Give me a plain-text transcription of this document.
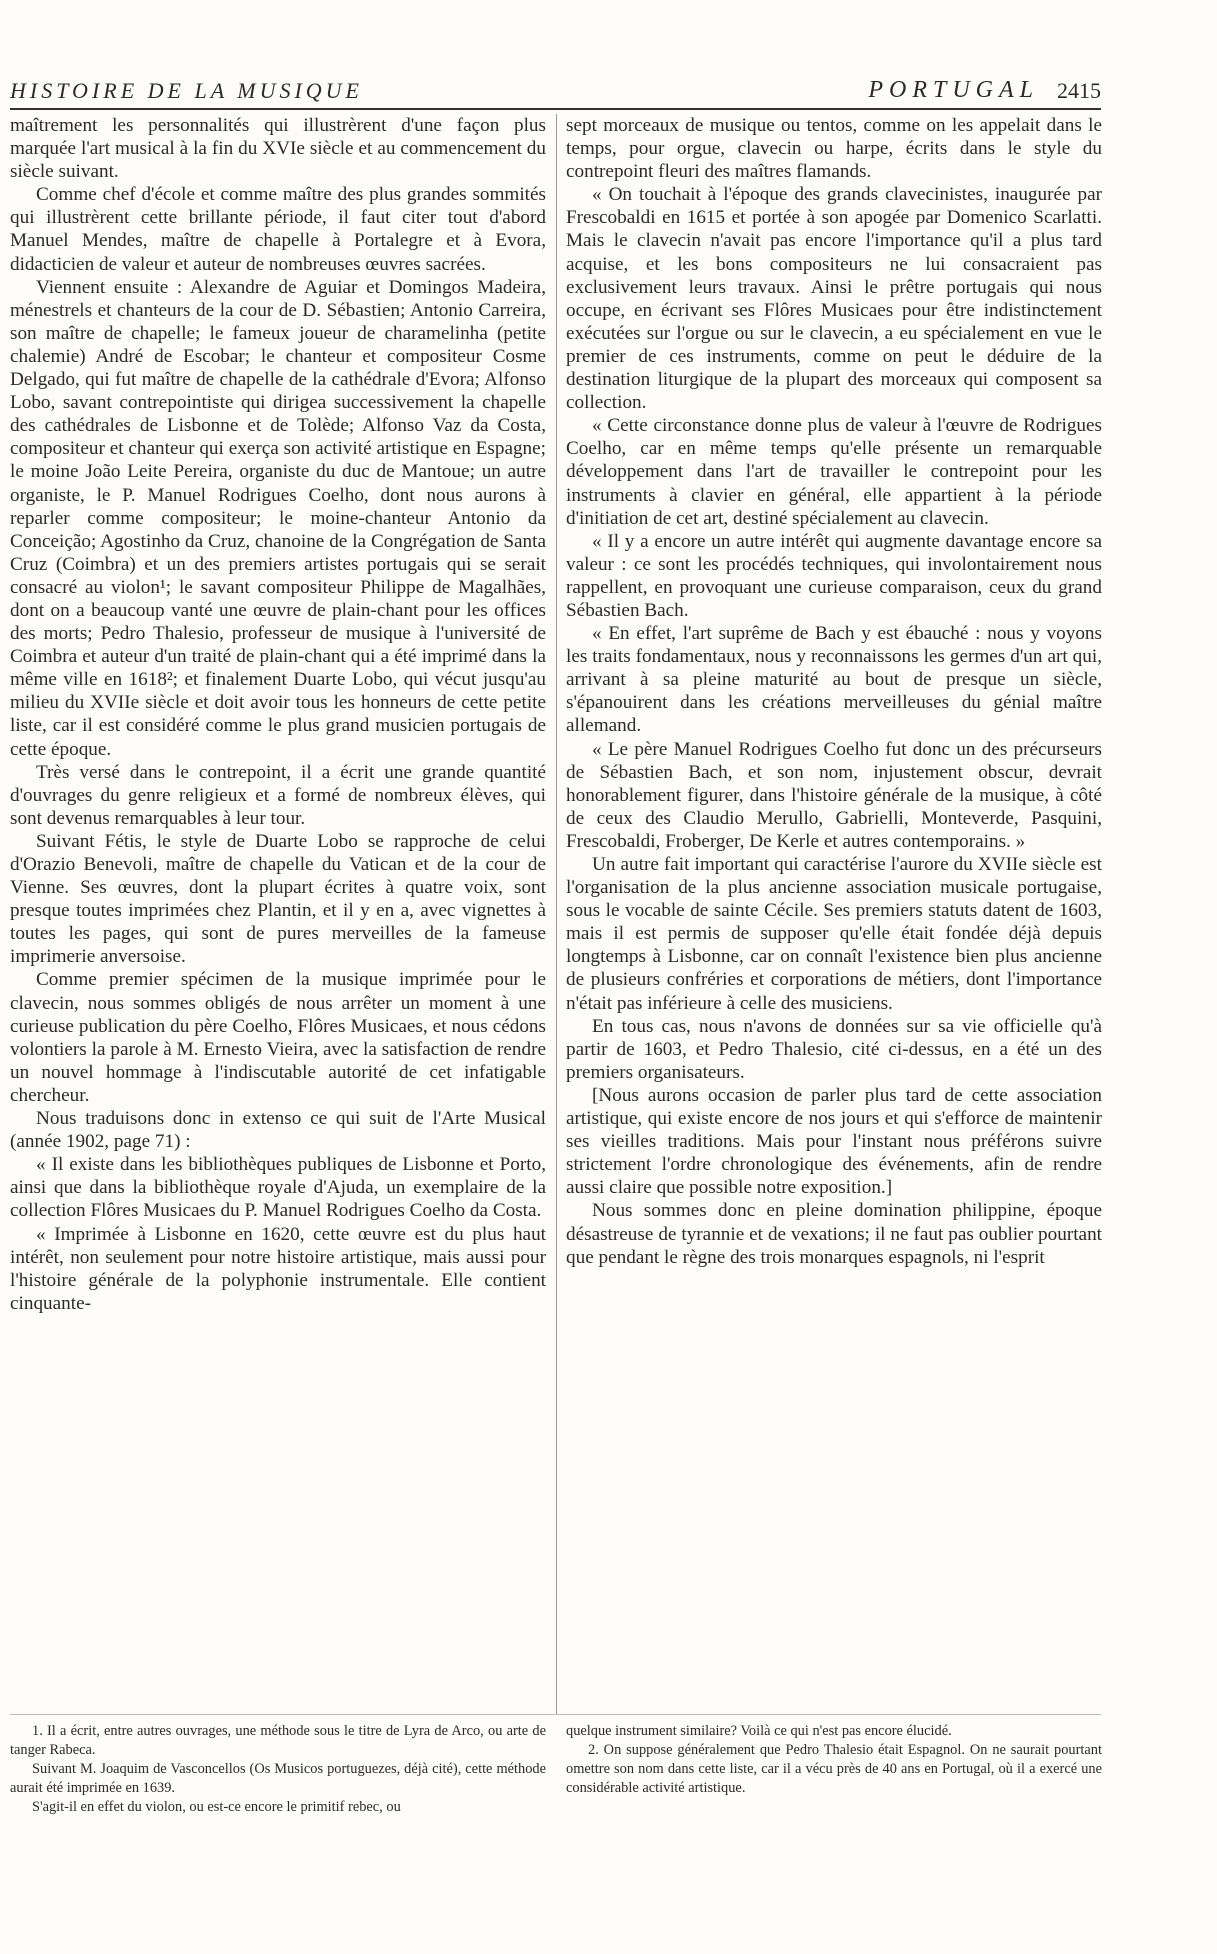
HISTOIRE DE LA MUSIQUE	PORTUGAL 2415

maîtrement les personnalités qui illustrèrent d'une façon plus marquée l'art musical à la fin du XVIe siècle et au commencement du siècle suivant.

Comme chef d'école et comme maître des plus grandes sommités qui illustrèrent cette brillante période, il faut citer tout d'abord Manuel Mendes, maître de chapelle à Portalegre et à Evora, didacticien de valeur et auteur de nombreuses œuvres sacrées.

Viennent ensuite : Alexandre de Aguiar et Domingos Madeira, ménestrels et chanteurs de la cour de D. Sébastien; Antonio Carreira, son maître de chapelle; le fameux joueur de charamelinha (petite chalemie) André de Escobar; le chanteur et compositeur Cosme Delgado, qui fut maître de chapelle de la cathédrale d'Evora; Alfonso Lobo, savant contrepointiste qui dirigea successivement la chapelle des cathédrales de Lisbonne et de Tolède; Alfonso Vaz da Costa, compositeur et chanteur qui exerça son activité artistique en Espagne; le moine João Leite Pereira, organiste du duc de Mantoue; un autre organiste, le P. Manuel Rodrigues Coelho, dont nous aurons à reparler comme compositeur; le moine-chanteur Antonio da Conceição; Agostinho da Cruz, chanoine de la Congrégation de Santa Cruz (Coimbra) et un des premiers artistes portugais qui se serait consacré au violon¹; le savant compositeur Philippe de Magalhães, dont on a beaucoup vanté une œuvre de plain-chant pour les offices des morts; Pedro Thalesio, professeur de musique à l'université de Coimbra et auteur d'un traité de plain-chant qui a été imprimé dans la même ville en 1618²; et finalement Duarte Lobo, qui vécut jusqu'au milieu du XVIIe siècle et doit avoir tous les honneurs de cette petite liste, car il est considéré comme le plus grand musicien portugais de cette époque.

Très versé dans le contrepoint, il a écrit une grande quantité d'ouvrages du genre religieux et a formé de nombreux élèves, qui sont devenus remarquables à leur tour.

Suivant Fétis, le style de Duarte Lobo se rapproche de celui d'Orazio Benevoli, maître de chapelle du Vatican et de la cour de Vienne. Ses œuvres, dont la plupart écrites à quatre voix, sont presque toutes imprimées chez Plantin, et il y en a, avec vignettes à toutes les pages, qui sont de pures merveilles de la fameuse imprimerie anversoise.

Comme premier spécimen de la musique imprimée pour le clavecin, nous sommes obligés de nous arrêter un moment à une curieuse publication du père Coelho, Flôres Musicaes, et nous cédons volontiers la parole à M. Ernesto Vieira, avec la satisfaction de rendre un nouvel hommage à l'indiscutable autorité de cet infatigable chercheur.

Nous traduisons donc in extenso ce qui suit de l'Arte Musical (année 1902, page 71) :

« Il existe dans les bibliothèques publiques de Lisbonne et Porto, ainsi que dans la bibliothèque royale d'Ajuda, un exemplaire de la collection Flôres Musicaes du P. Manuel Rodrigues Coelho da Costa.

« Imprimée à Lisbonne en 1620, cette œuvre est du plus haut intérêt, non seulement pour notre histoire artistique, mais aussi pour l'histoire générale de la polyphonie instrumentale. Elle contient cinquante-

sept morceaux de musique ou tentos, comme on les appelait dans le temps, pour orgue, clavecin ou harpe, écrits dans le style du contrepoint fleuri des maîtres flamands.

« On touchait à l'époque des grands clavecinistes, inaugurée par Frescobaldi en 1615 et portée à son apogée par Domenico Scarlatti. Mais le clavecin n'avait pas encore l'importance qu'il a plus tard acquise, et les bons compositeurs ne lui consacraient pas exclusivement leurs travaux. Ainsi le prêtre portugais qui nous occupe, en écrivant ses Flôres Musicaes pour être indistinctement exécutées sur l'orgue ou sur le clavecin, a eu spécialement en vue le premier de ces instruments, comme on peut le déduire de la destination liturgique de la plupart des morceaux qui composent sa collection.

« Cette circonstance donne plus de valeur à l'œuvre de Rodrigues Coelho, car en même temps qu'elle présente un remarquable développement dans l'art de travailler le contrepoint pour les instruments à clavier en général, elle appartient à la période d'initiation de cet art, destiné spécialement au clavecin.

« Il y a encore un autre intérêt qui augmente davantage encore sa valeur : ce sont les procédés techniques, qui involontairement nous rappellent, en provoquant une curieuse comparaison, ceux du grand Sébastien Bach.

« En effet, l'art suprême de Bach y est ébauché : nous y voyons les traits fondamentaux, nous y reconnaissons les germes d'un art qui, arrivant à sa pleine maturité au bout de presque un siècle, s'épanouirent dans les créations merveilleuses du génial maître allemand.

« Le père Manuel Rodrigues Coelho fut donc un des précurseurs de Sébastien Bach, et son nom, injustement obscur, devrait honorablement figurer, dans l'histoire générale de la musique, à côté de ceux des Claudio Merullo, Gabrielli, Monteverde, Pasquini, Frescobaldi, Froberger, De Kerle et autres contemporains. »

Un autre fait important qui caractérise l'aurore du XVIIe siècle est l'organisation de la plus ancienne association musicale portugaise, sous le vocable de sainte Cécile. Ses premiers statuts datent de 1603, mais il est permis de supposer qu'elle était fondée déjà depuis longtemps à Lisbonne, car on connaît l'existence bien plus ancienne de plusieurs confréries et corporations de métiers, dont l'importance n'était pas inférieure à celle des musiciens.

En tous cas, nous n'avons de données sur sa vie officielle qu'à partir de 1603, et Pedro Thalesio, cité ci-dessus, en a été un des premiers organisateurs.

[Nous aurons occasion de parler plus tard de cette association artistique, qui existe encore de nos jours et qui s'efforce de maintenir ses vieilles traditions. Mais pour l'instant nous préférons suivre strictement l'ordre chronologique des événements, afin de rendre aussi claire que possible notre exposition.]

Nous sommes donc en pleine domination philippine, époque désastreuse de tyrannie et de vexations; il ne faut pas oublier pourtant que pendant le règne des trois monarques espagnols, ni l'esprit

1. Il a écrit, entre autres ouvrages, une méthode sous le titre de Lyra de Arco, ou arte de tanger Rabeca.

Suivant M. Joaquim de Vasconcellos (Os Musicos portuguezes, déjà cité), cette méthode aurait été imprimée en 1639.

S'agit-il en effet du violon, ou est-ce encore le primitif rebec, ou

quelque instrument similaire? Voilà ce qui n'est pas encore élucidé.

2. On suppose généralement que Pedro Thalesio était Espagnol. On ne saurait pourtant omettre son nom dans cette liste, car il a vécu près de 40 ans en Portugal, où il a exercé une considérable activité artistique.
